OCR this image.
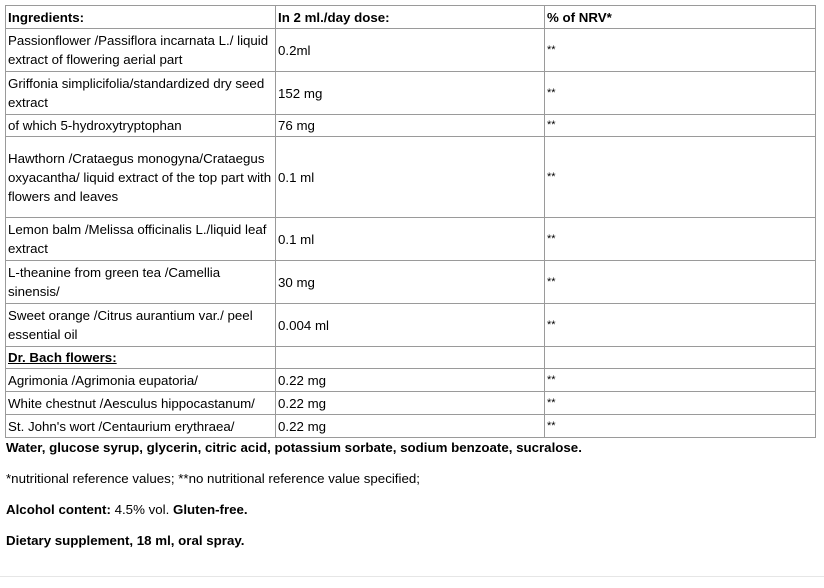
Ingredients:	In 2 ml./day dose:	% of NRV*
Passionflower /Passiflora incarnata L./ liquid extract of flowering aerial part	0.2ml	**
Griffonia simplicifolia/standardized dry seed extract	152 mg	**
of which 5-hydroxytryptophan	76 mg	**
Hawthorn /Crataegus monogyna/Crataegus oxyacantha/ liquid extract of the top part with flowers and leaves	0.1 ml	**
Lemon balm /Melissa officinalis L./liquid leaf extract	0.1 ml	**
L-theanine from green tea /Camellia sinensis/	30 mg	**
Sweet orange /Citrus aurantium var./ peel essential oil	0.004 ml	**
Dr. Bach flowers:		
Agrimonia /Agrimonia eupatoria/	0.22 mg	**
White chestnut /Aesculus hippocastanum/	0.22 mg	**
St. John's wort /Centaurium erythraea/	0.22 mg	**
Water, glucose syrup, glycerin, citric acid, potassium sorbate, sodium benzoate, sucralose.
*nutritional reference values; **no nutritional reference value specified;
Alcohol content: 4.5% vol. Gluten-free.
Dietary supplement, 18 ml, oral spray.
